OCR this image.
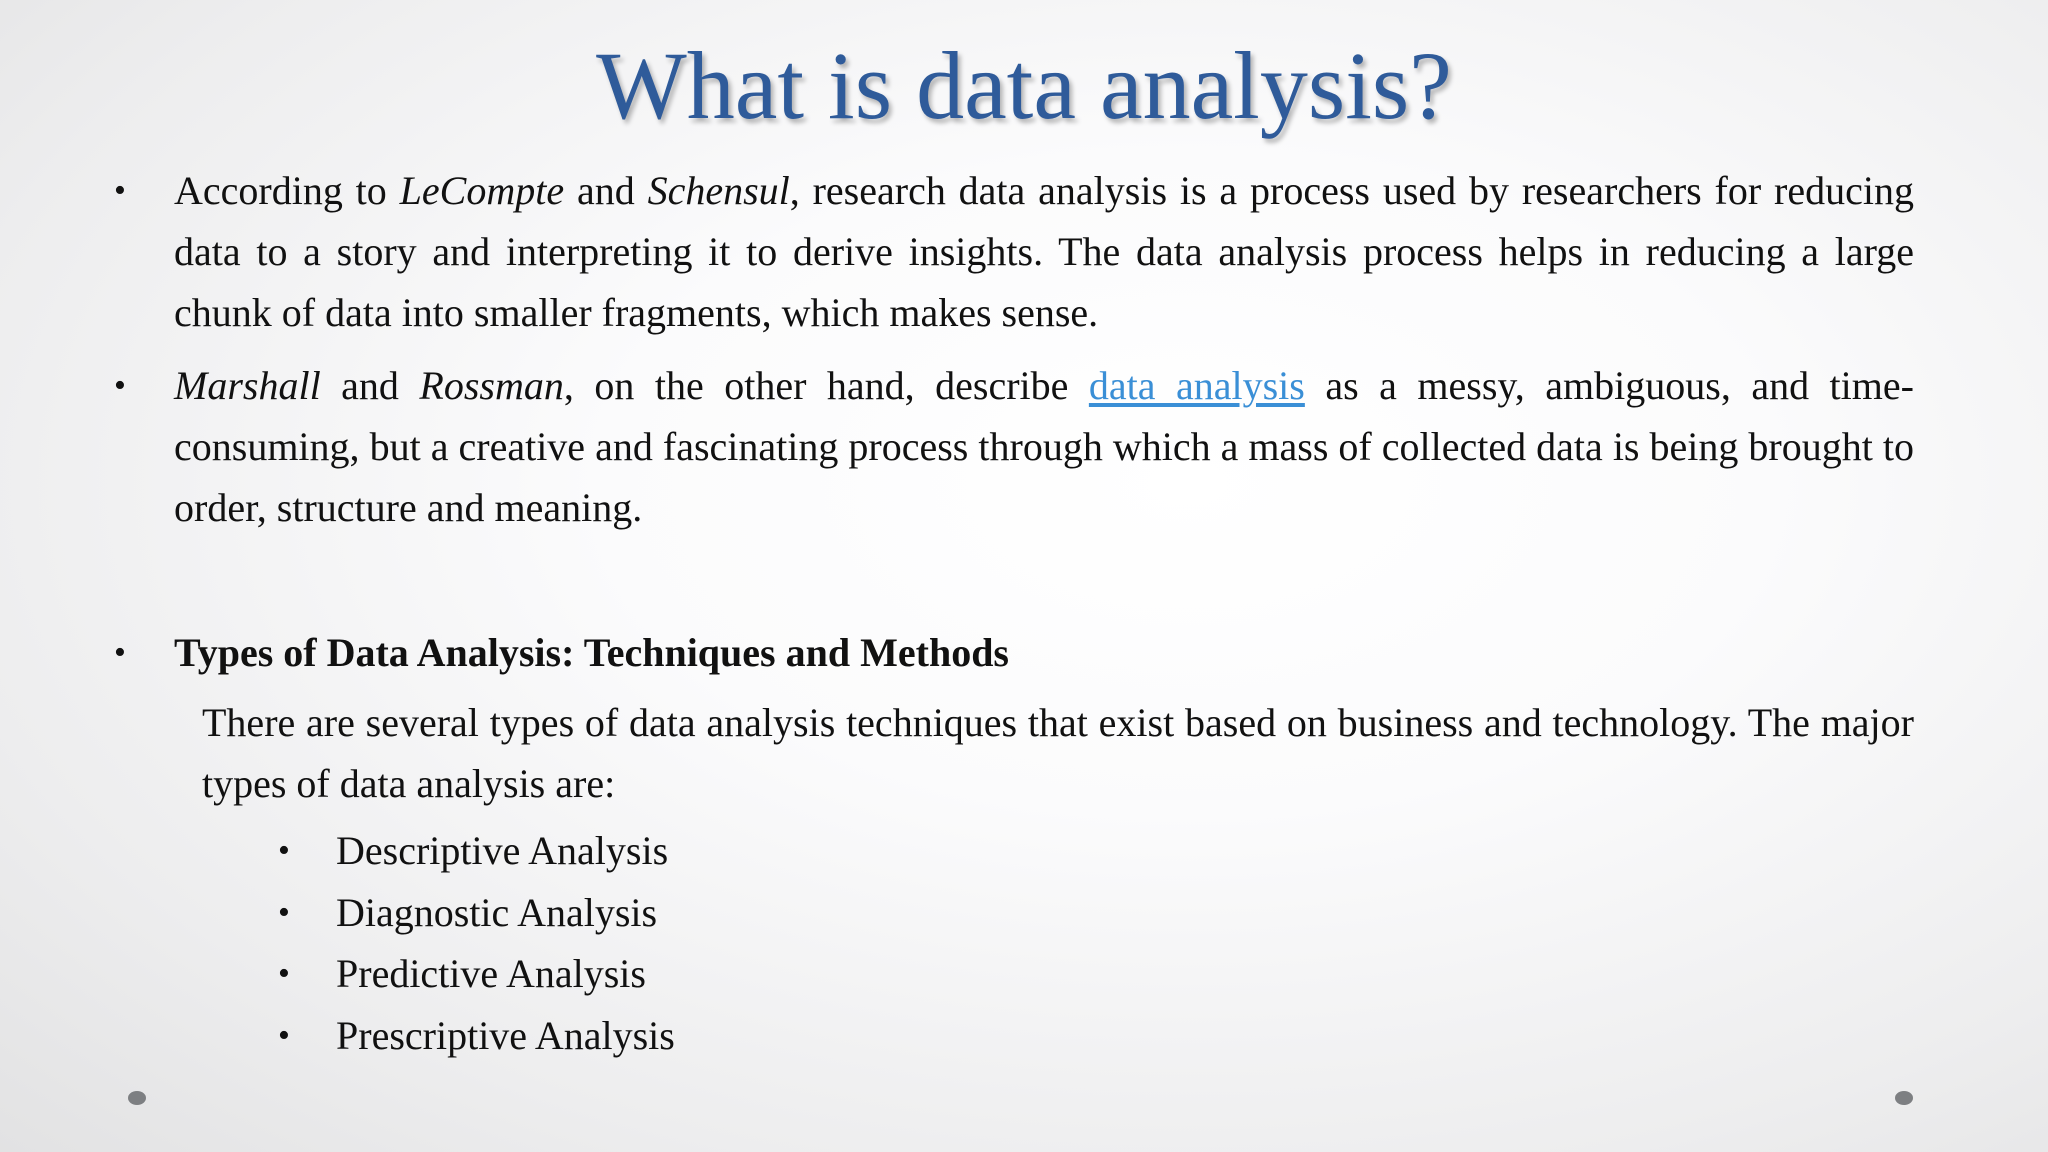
What is data analysis?
• According to LeCompte and Schensul, research data analysis is a process used by researchers for reducing data to a story and interpreting it to derive insights. The data analysis process helps in reducing a large chunk of data into smaller fragments, which makes sense.
• Marshall and Rossman, on the other hand, describe data analysis as a messy, ambiguous, and time-consuming, but a creative and fascinating process through which a mass of collected data is being brought to order, structure and meaning.
• Types of Data Analysis: Techniques and Methods
There are several types of data analysis techniques that exist based on business and technology. The major types of data analysis are:
• Descriptive Analysis
• Diagnostic Analysis
• Predictive Analysis
• Prescriptive Analysis
